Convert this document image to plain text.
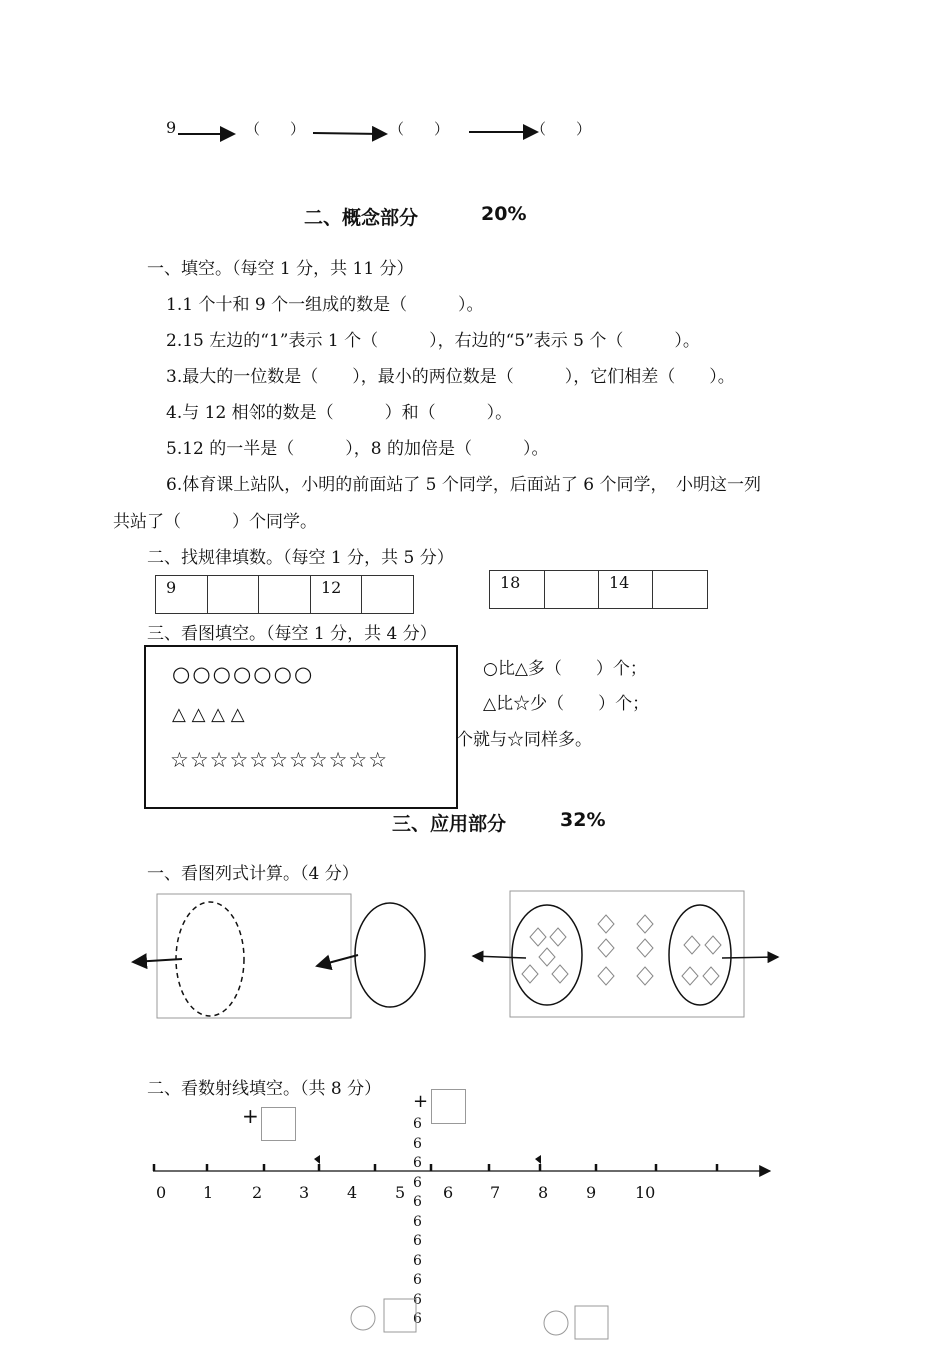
9	（　　）	（　　）	（　　）
二、概念部分	20%
一、填空。（每空 1 分，共 11 分）
1.1 个十和 9 个一组成的数是（　　　）。
2.15 左边的“1”表示 1 个（　　　），右边的“5”表示 5 个（　　　）。
3.最大的一位数是（　　），最小的两位数是（　　　），它们相差（　　）。
4.与 12 相邻的数是（　　　）和（　　　）。
5.12 的一半是（　　　），8 的加倍是（　　　）。
6.体育课上站队，小明的前面站了 5 个同学，后面站了 6 个同学，　小明这一列
共站了（　　　）个同学。
二、找规律填数。（每空 1 分，共 5 分）
9	12	18	14
三、看图填空。（每空 1 分，共 4 分）
○○○○○○○
△ △ △ △
☆☆☆☆☆☆☆☆☆☆☆
○比△多（　　）个；
△比☆少（　　）个；
个就与☆同样多。
三、应用部分	32%
一、看图列式计算。（4 分）
二、看数射线填空。（共 8 分）
+
+
6
6
6
6
6
6
6
6
6
6
6
0 1 2 3 4 5 6 7 8 9 10
